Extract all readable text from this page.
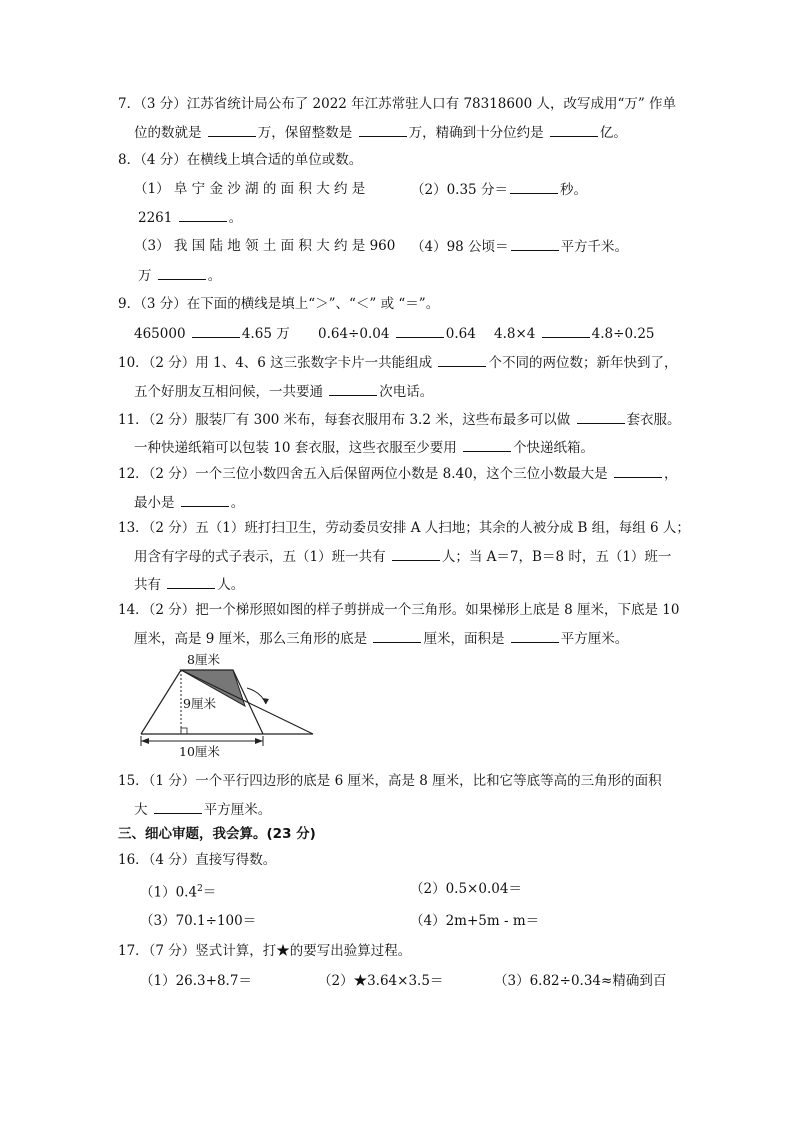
7．（3 分）江苏省统计局公布了 2022 年江苏常驻人口有 78318600 人，改写成用“万” 作单
位的数就是	万，保留整数是	万，精确到十分位约是	亿。
8．（4 分）在横线上填合适的单位或数。
（1） 阜 宁 金 沙 湖 的 面 积 大 约 是	（2）0.35 分＝	秒。
2261	。
（3） 我 国 陆 地 领 土 面 积 大 约 是 960 （4）98 公顷＝	平方千米。
万	。
9．（3 分）在下面的横线是填上“＞”、“＜” 或 “＝”。
465000	4.65 万 0.64÷0.04	0.64 4.8×4	4.8÷0.25
10．（2 分）用 1、4、6 这三张数字卡片一共能组成	个不同的两位数；新年快到了，
五个好朋友互相问候，一共要通	次电话。
11．（2 分）服装厂有 300 米布，每套衣服用布 3.2 米，这些布最多可以做	套衣服。
一种快递纸箱可以包装 10 套衣服，这些衣服至少要用	个快递纸箱。
12．（2 分）一个三位小数四舍五入后保留两位小数是 8.40，这个三位小数最大是	，
最小是	。
13．（2 分）五（1）班打扫卫生，劳动委员安排 A 人扫地；其余的人被分成 B 组，每组 6 人；
用含有字母的式子表示，五（1）班一共有	人；当 A＝7，B＝8 时，五（1）班一
共有	人。
14．（2 分）把一个梯形照如图的样子剪拼成一个三角形。如果梯形上底是 8 厘米，下底是 10
厘米，高是 9 厘米，那么三角形的底是	厘米，面积是	平方厘米。
8厘米
9厘米
10厘米
15．（1 分）一个平行四边形的底是 6 厘米，高是 8 厘米，比和它等底等高的三角形的面积
大	平方厘米。
三、细心审题，我会算。(23 分)
16．（4 分）直接写得数。
$(1)0.4^2=$	（2）0.5×0.04＝
（3）70.1÷100＝	（4）2m+5m - m＝
17．（7 分）竖式计算，打★的要写出验算过程。
（1）26.3+8.7＝	（2）★3.64×3.5＝	（3）6.82÷0.34≈精确到百
